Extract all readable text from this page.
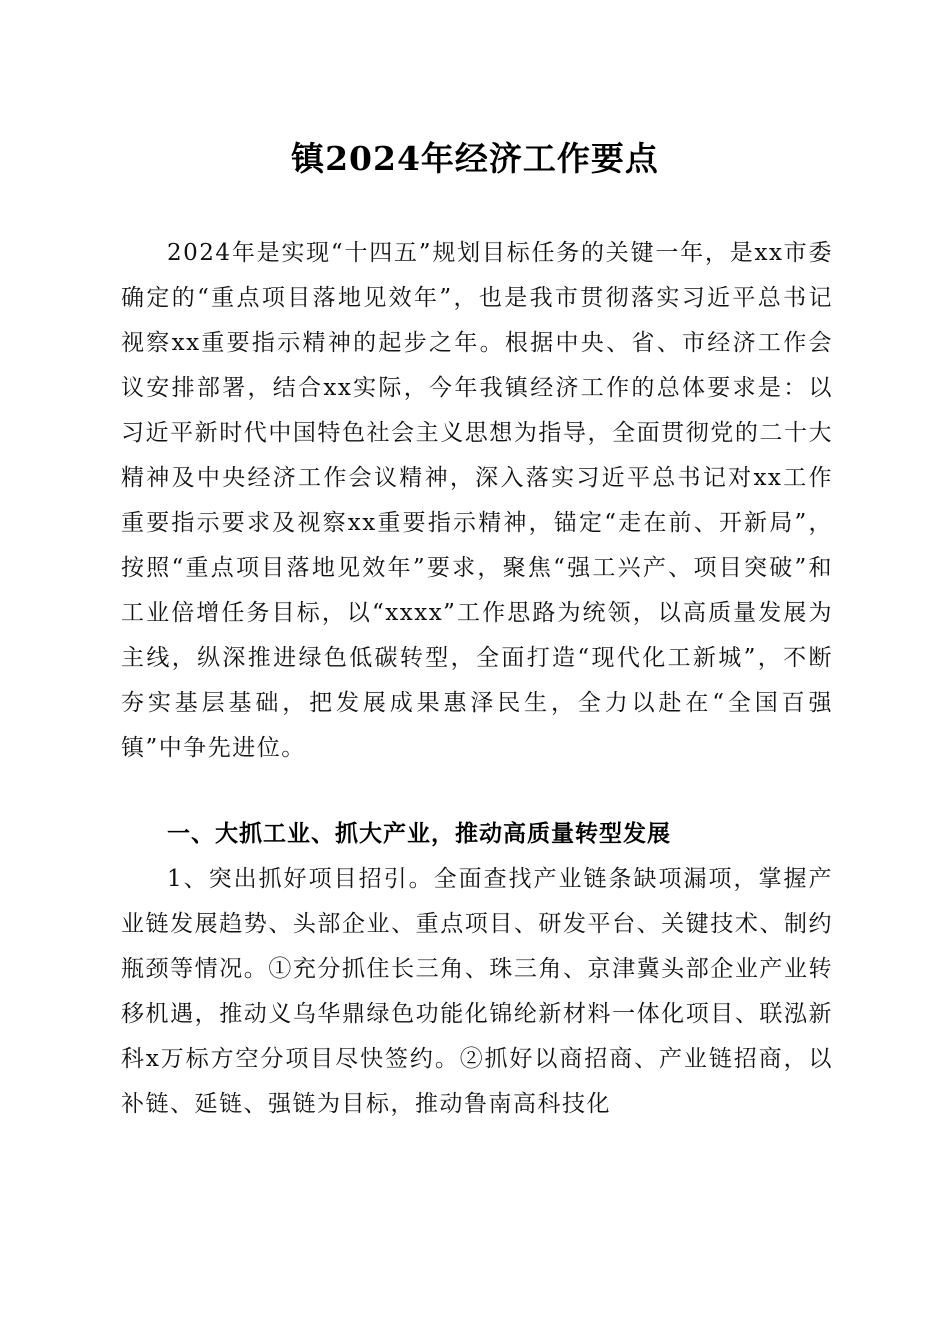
镇2024年经济工作要点

2024年是实现“十四五”规划目标任务的关键一年，是xx市委确定的“重点项目落地见效年”，也是我市贯彻落实习近平总书记视察xx重要指示精神的起步之年。根据中央、省、市经济工作会议安排部署，结合xx实际，今年我镇经济工作的总体要求是：以习近平新时代中国特色社会主义思想为指导，全面贯彻党的二十大精神及中央经济工作会议精神，深入落实习近平总书记对xx工作重要指示要求及视察xx重要指示精神，锚定“走在前、开新局”，按照“重点项目落地见效年”要求，聚焦“强工兴产、项目突破”和工业倍增任务目标，以“xxxx”工作思路为统领，以高质量发展为主线，纵深推进绿色低碳转型，全面打造“现代化工新城”，不断夯实基层基础，把发展成果惠泽民生，全力以赴在“全国百强镇”中争先进位。

一、大抓工业、抓大产业，推动高质量转型发展

1、突出抓好项目招引。全面查找产业链条缺项漏项，掌握产业链发展趋势、头部企业、重点项目、研发平台、关键技术、制约瓶颈等情况。①充分抓住长三角、珠三角、京津冀头部企业产业转移机遇，推动义乌华鼎绿色功能化锦纶新材料一体化项目、联泓新科x万标方空分项目尽快签约。②抓好以商招商、产业链招商，以补链、延链、强链为目标，推动鲁南高科技化
